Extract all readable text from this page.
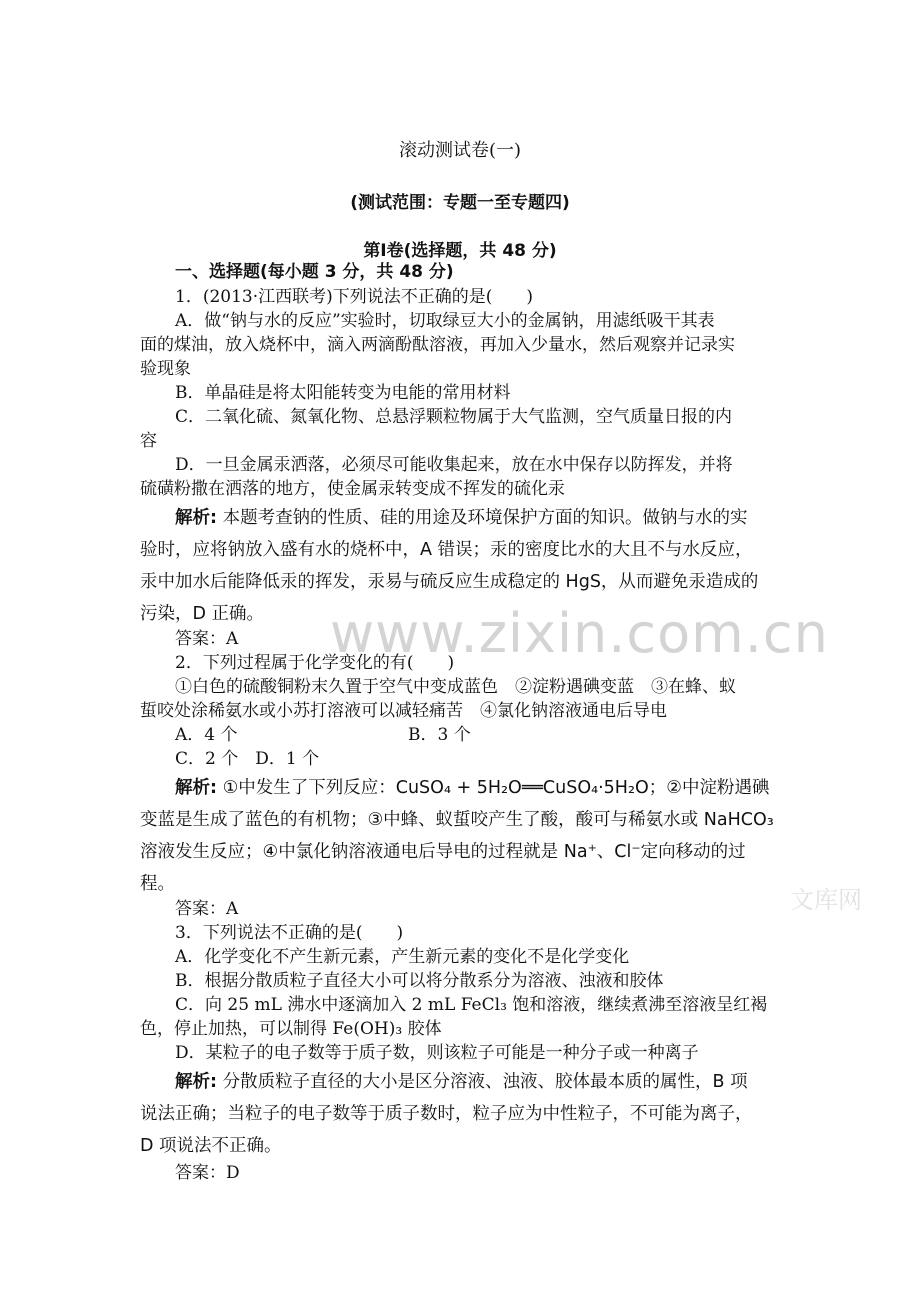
www.zixin.com.cn
文库网
滚动测试卷(一)
(测试范围：专题一至专题四)
第Ⅰ卷(选择题，共 48 分)
一、选择题(每小题 3 分，共 48 分)
1．(2013·江西联考)下列说法不正确的是(　　)
A．做“钠与水的反应”实验时，切取绿豆大小的金属钠，用滤纸吸干其表
面的煤油，放入烧杯中，滴入两滴酚酞溶液，再加入少量水，然后观察并记录实
验现象
B．单晶硅是将太阳能转变为电能的常用材料
C．二氧化硫、氮氧化物、总悬浮颗粒物属于大气监测，空气质量日报的内
容
D．一旦金属汞洒落，必须尽可能收集起来，放在水中保存以防挥发，并将
硫磺粉撒在洒落的地方，使金属汞转变成不挥发的硫化汞
解析: 本题考查钠的性质、硅的用途及环境保护方面的知识。做钠与水的实
验时，应将钠放入盛有水的烧杯中，A 错误；汞的密度比水的大且不与水反应，
汞中加水后能降低汞的挥发，汞易与硫反应生成稳定的 HgS，从而避免汞造成的
污染，D 正确。
答案：A
2．下列过程属于化学变化的有(　　)
①白色的硫酸铜粉末久置于空气中变成蓝色　②淀粉遇碘变蓝　③在蜂、蚁
蜇咬处涂稀氨水或小苏打溶液可以减轻痛苦　④氯化钠溶液通电后导电
A．4 个	B．3 个
C．2 个　D．1 个
解析: ①中发生了下列反应：CuSO₄ + 5H₂O══CuSO₄·5H₂O；②中淀粉遇碘
变蓝是生成了蓝色的有机物；③中蜂、蚁蜇咬产生了酸，酸可与稀氨水或 NaHCO₃
溶液发生反应；④中氯化钠溶液通电后导电的过程就是 Na⁺、Cl⁻定向移动的过
程。
答案：A
3．下列说法不正确的是(　　)
A．化学变化不产生新元素，产生新元素的变化不是化学变化
B．根据分散质粒子直径大小可以将分散系分为溶液、浊液和胶体
C．向 25 mL 沸水中逐滴加入 2 mL FeCl₃ 饱和溶液，继续煮沸至溶液呈红褐
色，停止加热，可以制得 Fe(OH)₃ 胶体
D．某粒子的电子数等于质子数，则该粒子可能是一种分子或一种离子
解析: 分散质粒子直径的大小是区分溶液、浊液、胶体最本质的属性，B 项
说法正确；当粒子的电子数等于质子数时，粒子应为中性粒子，不可能为离子，
D 项说法不正确。
答案：D
